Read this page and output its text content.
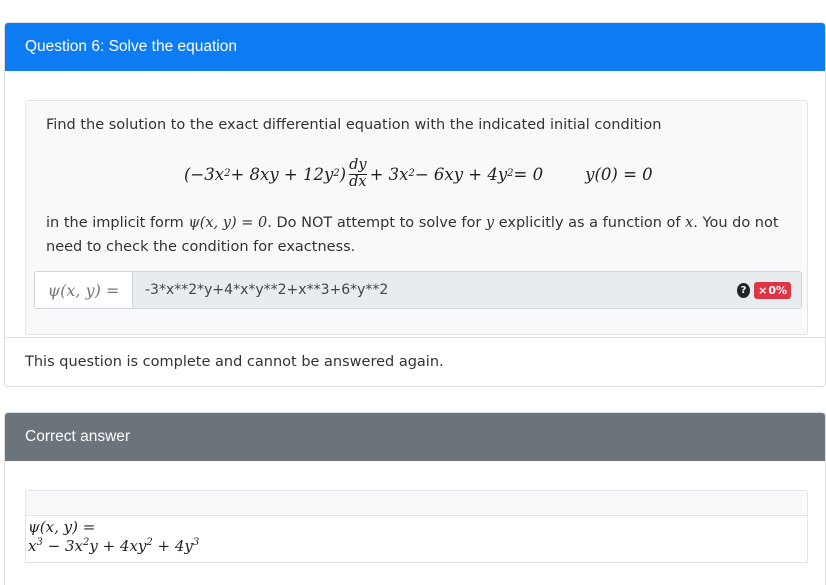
Question 6: Solve the equation
Find the solution to the exact differential equation with the indicated initial condition
(−3x 2 + 8xy + 12y 2 ) $\frac{dy}{dx} + 3x$ 2 − 6xy + 4y 2 = 0	y(0) = 0
in the implicit form ψ(x, y) = 0. Do NOT attempt to solve for y explicitly as a function of x. You do not need to check the condition for exactness.
ψ(x, y) =	-3*x**2*y+4*x*y**2+x**3+6*y**2	?	× 0%
This question is complete and cannot be answered again.
Correct answer
ψ(x, y) =
$x^3 - 3x^2y + 4xy^2 + 4y^3$
